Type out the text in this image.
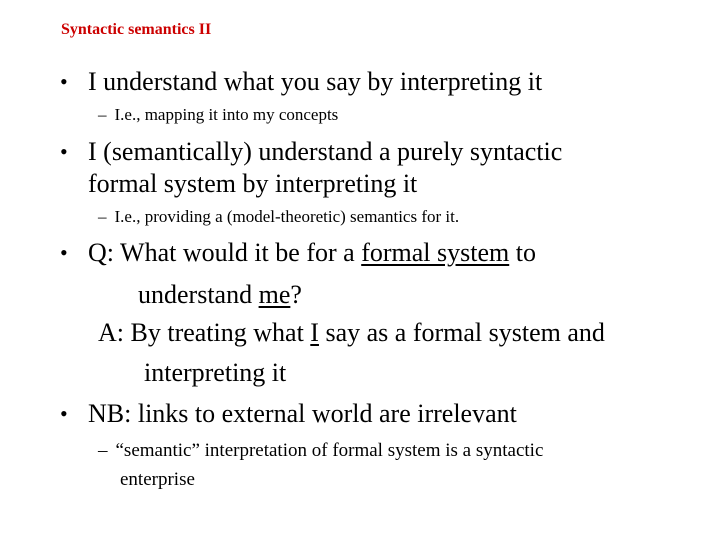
Syntactic semantics II
• I understand what you say by interpreting it
– I.e., mapping it into my concepts
• I (semantically) understand a purely syntactic
formal system by interpreting it
– I.e., providing a (model-theoretic) semantics for it.
• Q: What would it be for a formal system to
understand me?
A: By treating what I say as a formal system and
interpreting it
• NB: links to external world are irrelevant
– “semantic” interpretation of formal system is a syntactic
enterprise
